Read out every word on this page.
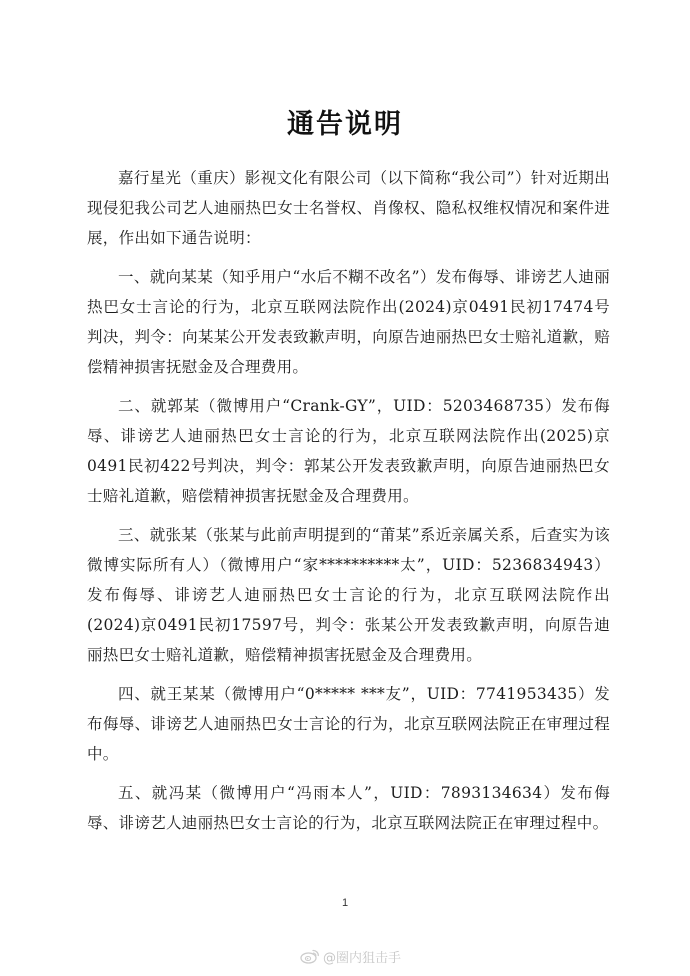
通告说明

嘉行星光（重庆）影视文化有限公司（以下简称“我公司”）针对近期出现侵犯我公司艺人迪丽热巴女士名誉权、肖像权、隐私权维权情况和案件进展，作出如下通告说明：

一、就向某某（知乎用户“水后不糊不改名”）发布侮辱、诽谤艺人迪丽热巴女士言论的行为，北京互联网法院作出(2024)京0491民初17474号判决，判令：向某某公开发表致歉声明，向原告迪丽热巴女士赔礼道歉，赔偿精神损害抚慰金及合理费用。

二、就郭某（微博用户“Crank-GY”，UID：5203468735）发布侮辱、诽谤艺人迪丽热巴女士言论的行为，北京互联网法院作出(2025)京0491民初422号判决，判令：郭某公开发表致歉声明，向原告迪丽热巴女士赔礼道歉，赔偿精神损害抚慰金及合理费用。

三、就张某（张某与此前声明提到的“莆某”系近亲属关系，后查实为该微博实际所有人）（微博用户“家**********太”，UID：5236834943）发布侮辱、诽谤艺人迪丽热巴女士言论的行为，北京互联网法院作出(2024)京0491民初17597号，判令：张某公开发表致歉声明，向原告迪丽热巴女士赔礼道歉，赔偿精神损害抚慰金及合理费用。

四、就王某某（微博用户“0***** ***友”，UID：7741953435）发布侮辱、诽谤艺人迪丽热巴女士言论的行为，北京互联网法院正在审理过程中。

五、就冯某（微博用户“冯雨本人”，UID：7893134634）发布侮辱、诽谤艺人迪丽热巴女士言论的行为，北京互联网法院正在审理过程中。

1
@圈内狙击手
